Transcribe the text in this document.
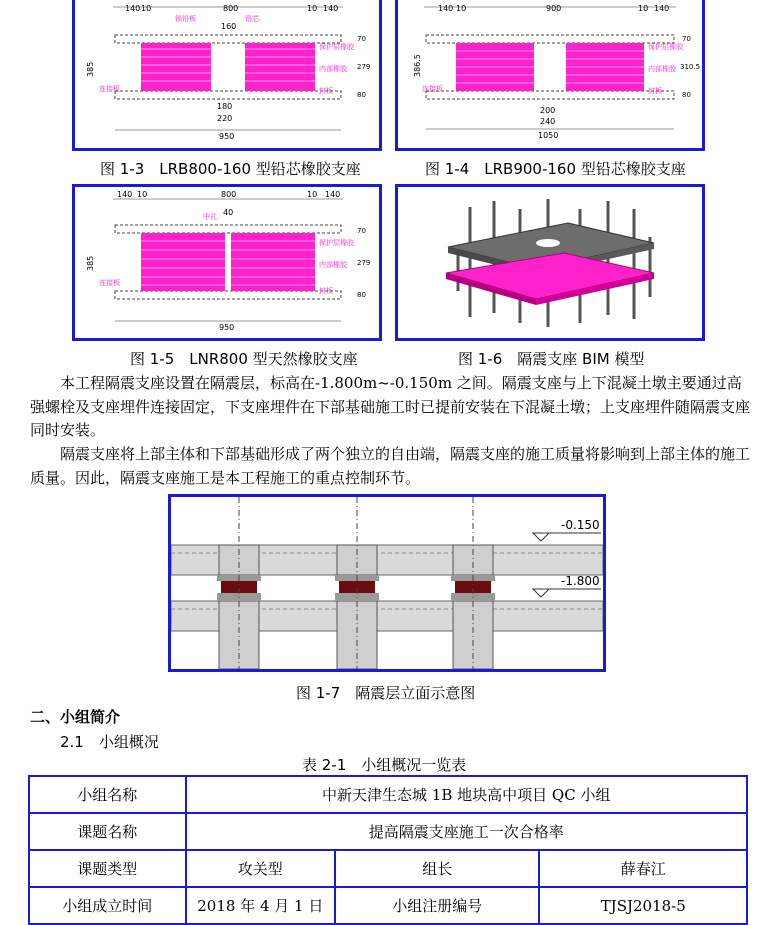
140 10	800	10 140
160
锁铅板	铅芯
保护层橡胶
内部橡胶
封板
连接板
385
70
279
80
180
220
950
图 1-3　LRB800-160 型铅芯橡胶支座
140 10	900	10 140
保护层橡胶
内部橡胶
封板
连接板
386.5
70
310.5
80
200
240
1050
图 1-4　LRB900-160 型铅芯橡胶支座
140 10	800	10 140
40
中孔
保护层橡胶
内部橡胶
封板
连接板
385
70
279
80
950
图 1-5　LNR800 型天然橡胶支座	图 1-6　隔震支座 BIM 模型
本工程隔震支座设置在隔震层，标高在-1.800m~-0.150m 之间。隔震支座与上下混凝土墩主要通过高强螺栓及支座埋件连接固定，下支座埋件在下部基础施工时已提前安装在下混凝土墩；上支座埋件随隔震支座同时安装。
隔震支座将上部主体和下部基础形成了两个独立的自由端，隔震支座的施工质量将影响到上部主体的施工质量。因此，隔震支座施工是本工程施工的重点控制环节。
-0.150
-1.800
图 1-7　隔震层立面示意图
二、小组简介
2.1　小组概况
表 2-1　小组概况一览表
小组名称	中新天津生态城 1B 地块高中项目 QC 小组		
课题名称	提高隔震支座施工一次合格率		
课题类型	攻关型	组长	薛春江
小组成立时间	2018 年 4 月 1 日	小组注册编号	TJSJ2018-5
